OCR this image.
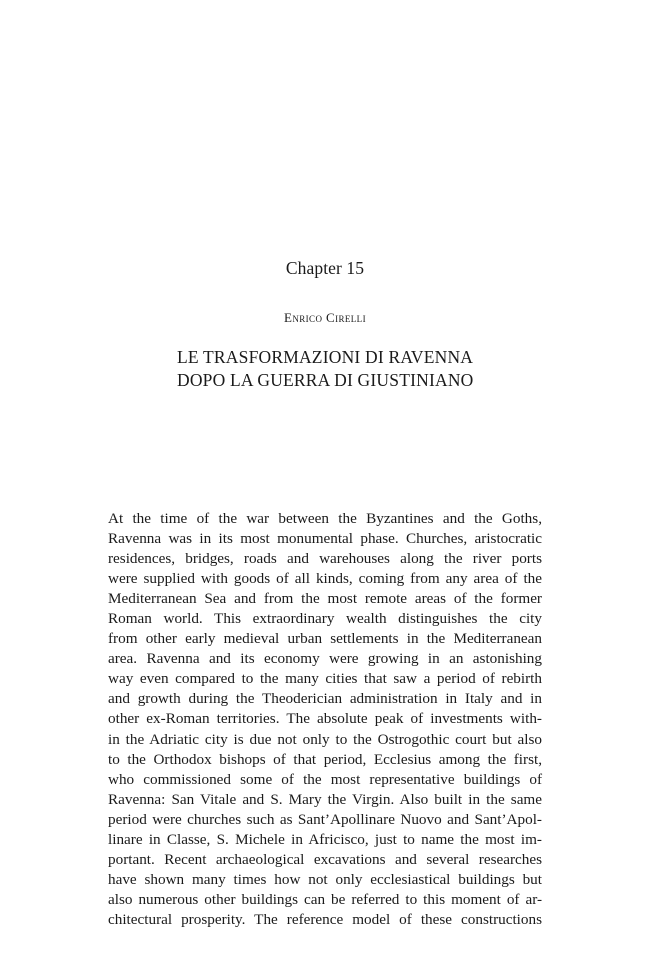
Chapter 15
Enrico Cirelli
LE TRASFORMAZIONI DI RAVENNA
DOPO LA GUERRA DI GIUSTINIANO
At the time of the war between the Byzantines and the Goths,
Ravenna was in its most monumental phase. Churches, aristocratic
residences, bridges, roads and warehouses along the river ports
were supplied with goods of all kinds, coming from any area of the
Mediterranean Sea and from the most remote areas of the former
Roman world. This extraordinary wealth distinguishes the city
from other early medieval urban settlements in the Mediterranean
area. Ravenna and its economy were growing in an astonishing
way even compared to the many cities that saw a period of rebirth
and growth during the Theoderician administration in Italy and in
other ex-Roman territories. The absolute peak of investments with-
in the Adriatic city is due not only to the Ostrogothic court but also
to the Orthodox bishops of that period, Ecclesius among the first,
who commissioned some of the most representative buildings of
Ravenna: San Vitale and S. Mary the Virgin. Also built in the same
period were churches such as Sant’Apollinare Nuovo and Sant’Apol-
linare in Classe, S. Michele in Africisco, just to name the most im-
portant. Recent archaeological excavations and several researches
have shown many times how not only ecclesiastical buildings but
also numerous other buildings can be referred to this moment of ar-
chitectural prosperity. The reference model of these constructions
